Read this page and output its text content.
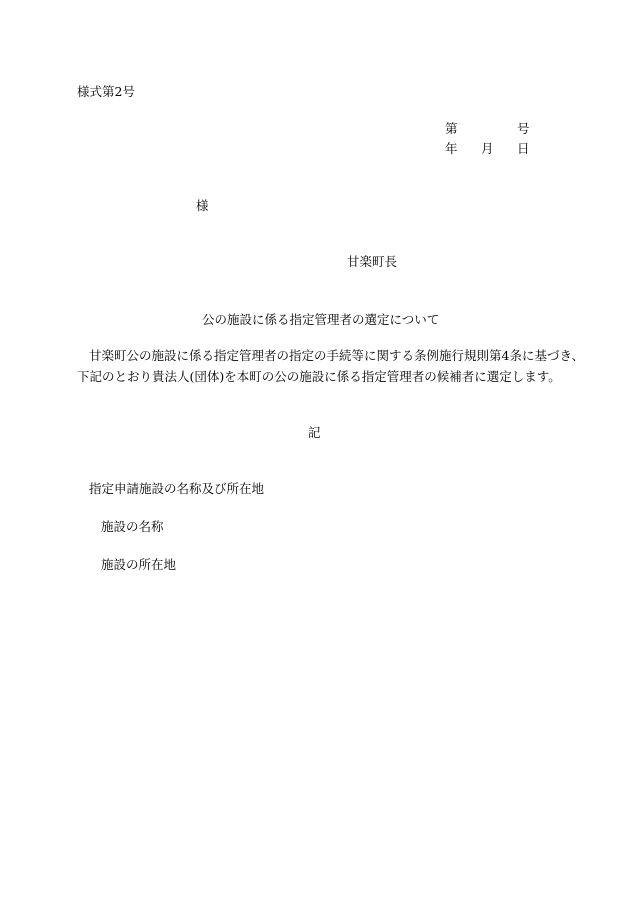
様式第2号
第	号
年 月 日
様
甘楽町長
公の施設に係る指定管理者の選定について
甘楽町公の施設に係る指定管理者の指定の手続等に関する条例施行規則第4条に基づき、
下記のとおり貴法人(団体)を本町の公の施設に係る指定管理者の候補者に選定します。
記
指定申請施設の名称及び所在地
施設の名称
施設の所在地
